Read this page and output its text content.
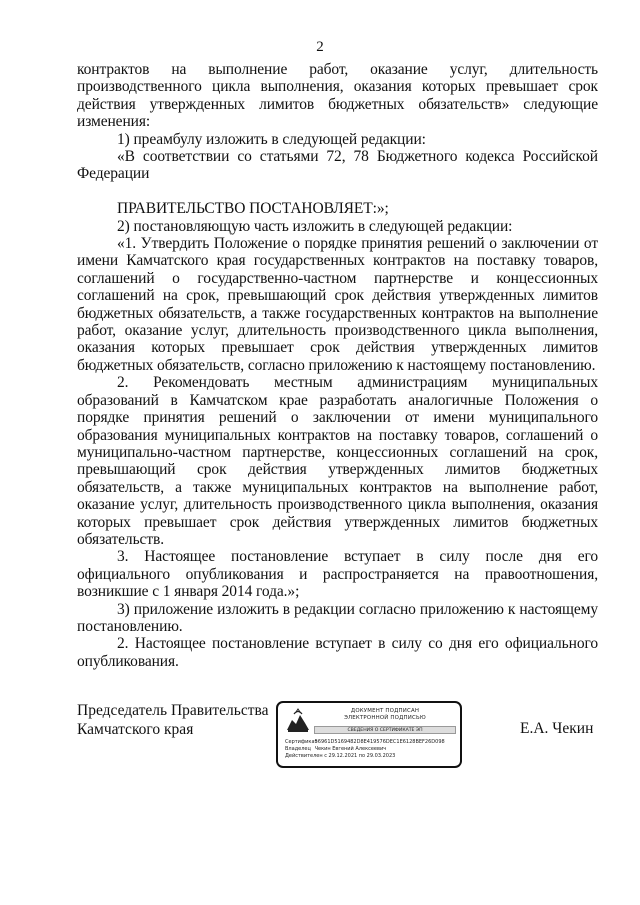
2

контрактов на выполнение работ, оказание услуг, длительность производственного цикла выполнения, оказания которых превышает срок действия утвержденных лимитов бюджетных обязательств» следующие изменения:

1) преамбулу изложить в следующей редакции:

«В соответствии со статьями 72, 78 Бюджетного кодекса Российской Федерации

ПРАВИТЕЛЬСТВО ПОСТАНОВЛЯЕТ:»;

2) постановляющую часть изложить в следующей редакции:

«1. Утвердить Положение о порядке принятия решений о заключении от имени Камчатского края государственных контрактов на поставку товаров, соглашений о государственно-частном партнерстве и концессионных соглашений на срок, превышающий срок действия утвержденных лимитов бюджетных обязательств, а также государственных контрактов на выполнение работ, оказание услуг, длительность производственного цикла выполнения, оказания которых превышает срок действия утвержденных лимитов бюджетных обязательств, согласно приложению к настоящему постановлению.

2. Рекомендовать местным администрациям муниципальных образований в Камчатском крае разработать аналогичные Положения о порядке принятия решений о заключении от имени муниципального образования муниципальных контрактов на поставку товаров, соглашений о муниципально-частном партнерстве, концессионных соглашений на срок, превышающий срок действия утвержденных лимитов бюджетных обязательств, а также муниципальных контрактов на выполнение работ, оказание услуг, длительность производственного цикла выполнения, оказания которых превышает срок действия утвержденных лимитов бюджетных обязательств.

3. Настоящее постановление вступает в силу после дня его официального опубликования и распространяется на правоотношения, возникшие с 1 января 2014 года.»;

3) приложение изложить в редакции согласно приложению к настоящему постановлению.

2. Настоящее постановление вступает в силу со дня его официального опубликования.

Председатель Правительства
Камчатского края
ДОКУМЕНТ ПОДПИСАН
ЭЛЕКТРОННОЙ ПОДПИСЬЮ
СВЕДЕНИЯ О СЕРТИФИКАТЕ ЭП
Сертификат 56961D5169482D8E419576DEC1E6128BEF26D098
Владелец Чекин Евгений Алексеевич
Действителен с 29.12.2021 по 29.03.2023
Е.А. Чекин
